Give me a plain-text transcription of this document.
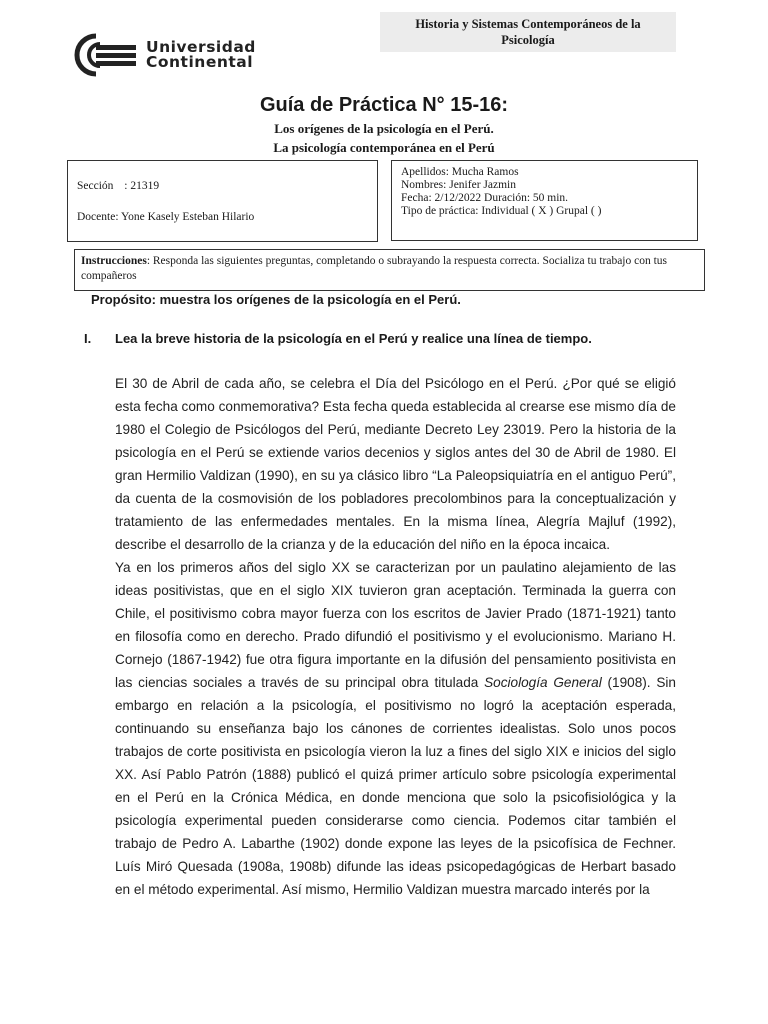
Historia y Sistemas Contemporáneos de la Psicología
Universidad
Continental
Guía de Práctica N° 15-16:
Los orígenes de la psicología en el Perú.
La psicología contemporánea en el Perú
Sección : 21319
Docente: Yone Kasely Esteban Hilario
Apellidos: Mucha Ramos
Nombres: Jenifer Jazmin
Fecha: 2/12/2022 Duración: 50 min.
Tipo de práctica: Individual ( X ) Grupal ( )
Instrucciones: Responda las siguientes preguntas, completando o subrayando la respuesta correcta. Socializa tu trabajo con tus compañeros
Propósito: muestra los orígenes de la psicología en el Perú.
I. Lea la breve historia de la psicología en el Perú y realice una línea de tiempo.

El 30 de Abril de cada año, se celebra el Día del Psicólogo en el Perú. ¿Por qué se eligió esta fecha como conmemorativa? Esta fecha queda establecida al crearse ese mismo día de 1980 el Colegio de Psicólogos del Perú, mediante Decreto Ley 23019. Pero la historia de la psicología en el Perú se extiende varios decenios y siglos antes del 30 de Abril de 1980. El gran Hermilio Valdizan (1990), en su ya clásico libro “La Paleopsiquiatría en el antiguo Perú”, da cuenta de la cosmovisión de los pobladores precolombinos para la conceptualización y tratamiento de las enfermedades mentales. En la misma línea, Alegría Majluf (1992), describe el desarrollo de la crianza y de la educación del niño en la época incaica.

Ya en los primeros años del siglo XX se caracterizan por un paulatino alejamiento de las ideas positivistas, que en el siglo XIX tuvieron gran aceptación. Terminada la guerra con Chile, el positivismo cobra mayor fuerza con los escritos de Javier Prado (1871-1921) tanto en filosofía como en derecho. Prado difundió el positivismo y el evolucionismo. Mariano H. Cornejo (1867-1942) fue otra figura importante en la difusión del pensamiento positivista en las ciencias sociales a través de su principal obra titulada Sociología General (1908). Sin embargo en relación a la psicología, el positivismo no logró la aceptación esperada, continuando su enseñanza bajo los cánones de corrientes idealistas. Solo unos pocos trabajos de corte positivista en psicología vieron la luz a fines del siglo XIX e inicios del siglo XX. Así Pablo Patrón (1888) publicó el quizá primer artículo sobre psicología experimental en el Perú en la Crónica Médica, en donde menciona que solo la psicofisiológica y la psicología experimental pueden considerarse como ciencia. Podemos citar también el trabajo de Pedro A. Labarthe (1902) donde expone las leyes de la psicofísica de Fechner. Luís Miró Quesada (1908a, 1908b) difunde las ideas psicopedagógicas de Herbart basado en el método experimental. Así mismo, Hermilio Valdizan muestra marcado interés por la
